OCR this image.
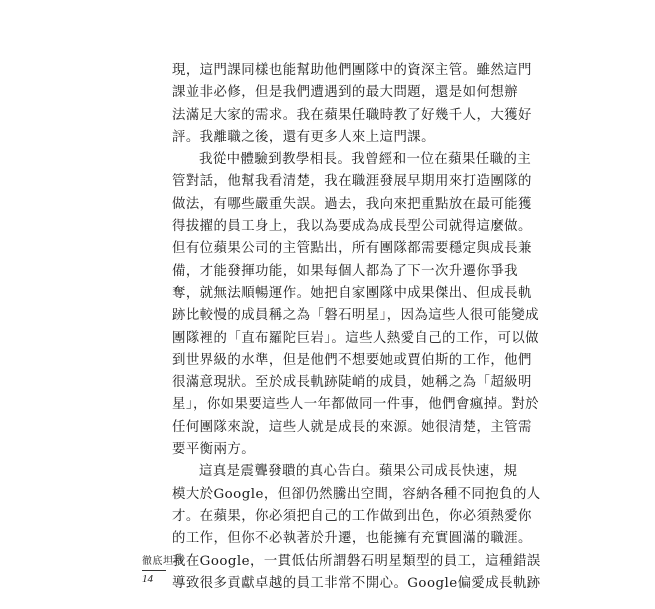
現，這門課同樣也能幫助他們團隊中的資深主管。雖然這門
課並非必修，但是我們遭遇到的最大問題，還是如何想辦
法滿足大家的需求。我在蘋果任職時教了好幾千人，大獲好
評。我離職之後，還有更多人來上這門課。

我從中體驗到教學相長。我曾經和一位在蘋果任職的主
管對話，他幫我看清楚，我在職涯發展早期用來打造團隊的
做法，有哪些嚴重失誤。過去，我向來把重點放在最可能獲
得拔擢的員工身上，我以為要成為成長型公司就得這麼做。
但有位蘋果公司的主管點出，所有團隊都需要穩定與成長兼
備，才能發揮功能，如果每個人都為了下一次升遷你爭我
奪，就無法順暢運作。她把自家團隊中成果傑出、但成長軌
跡比較慢的成員稱之為「磐石明星」，因為這些人很可能變成
團隊裡的「直布羅陀巨岩」。這些人熱愛自己的工作，可以做
到世界級的水準，但是他們不想要她或賈伯斯的工作，他們
很滿意現狀。至於成長軌跡陡峭的成員，她稱之為「超級明
星」，你如果要這些人一年都做同一件事，他們會瘋掉。對於
任何團隊來說，這些人就是成長的來源。她很清楚，主管需
要平衡兩方。

這真是震聾發聵的真心告白。蘋果公司成長快速，規
模大於Google，但卻仍然騰出空間，容納各種不同抱負的人
才。在蘋果，你必須把自己的工作做到出色，你必須熱愛你
的工作，但你不必執著於升遷，也能擁有充實圓滿的職涯。
我在Google，一貫低估所謂磐石明星類型的員工，這種錯誤
導致很多貢獻卓越的員工非常不開心。Google偏愛成長軌跡

徹底坦率
14
